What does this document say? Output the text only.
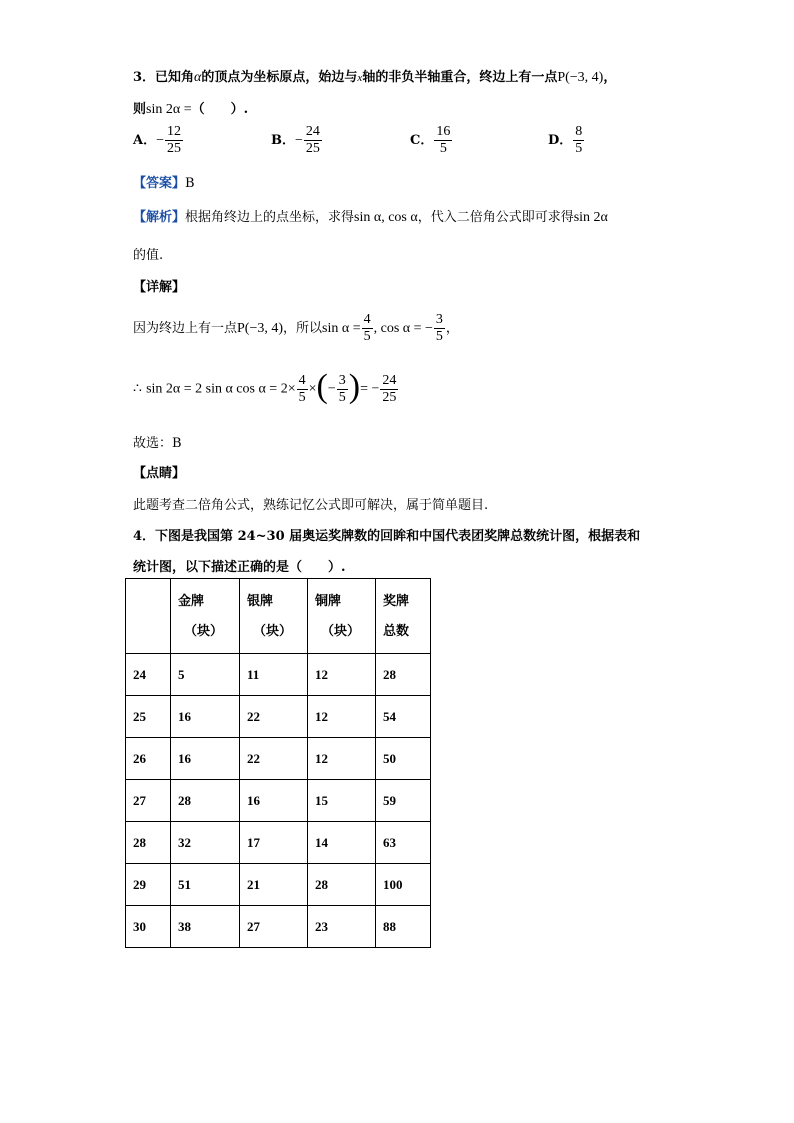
3．已知角α的顶点为坐标原点，始边与x轴的非负半轴重合，终边上有一点P(−3, 4)，
则sin 2α =（　　）.
A．− $\frac{12}{25}$	B．− $\frac{24}{25}$	C． $\frac{16}{5}$	D． $\frac{8}{5}$
【答案】B
【解析】根据角终边上的点坐标，求得sin α, cos α，代入二倍角公式即可求得sin 2α
的值.
【详解】
因为终边上有一点P(−3, 4)，所以$\sin \alpha = \frac{4}{5}$ , cos α = − $\frac{3}{5}$ ，
∴ sin 2α = 2 sin α $\cos \alpha = 2\times \frac{4}{5}$ ×(− $\frac{3}{5}$ )= − $\frac{24}{25}$
故选：B
【点睛】
此题考查二倍角公式，熟练记忆公式即可解决，属于简单题目.
4．下图是我国第 24~30 届奥运奖牌数的回眸和中国代表团奖牌总数统计图，根据表和
统计图，以下描述正确的是（　　）.

	金牌
（块）	银牌
（块）	铜牌
（块）	奖牌
总数

24	5	11	12	28
25	16	22	12	54
26	16	22	12	50
27	28	16	15	59
28	32	17	14	63
29	51	21	28	100
30	38	27	23	88
